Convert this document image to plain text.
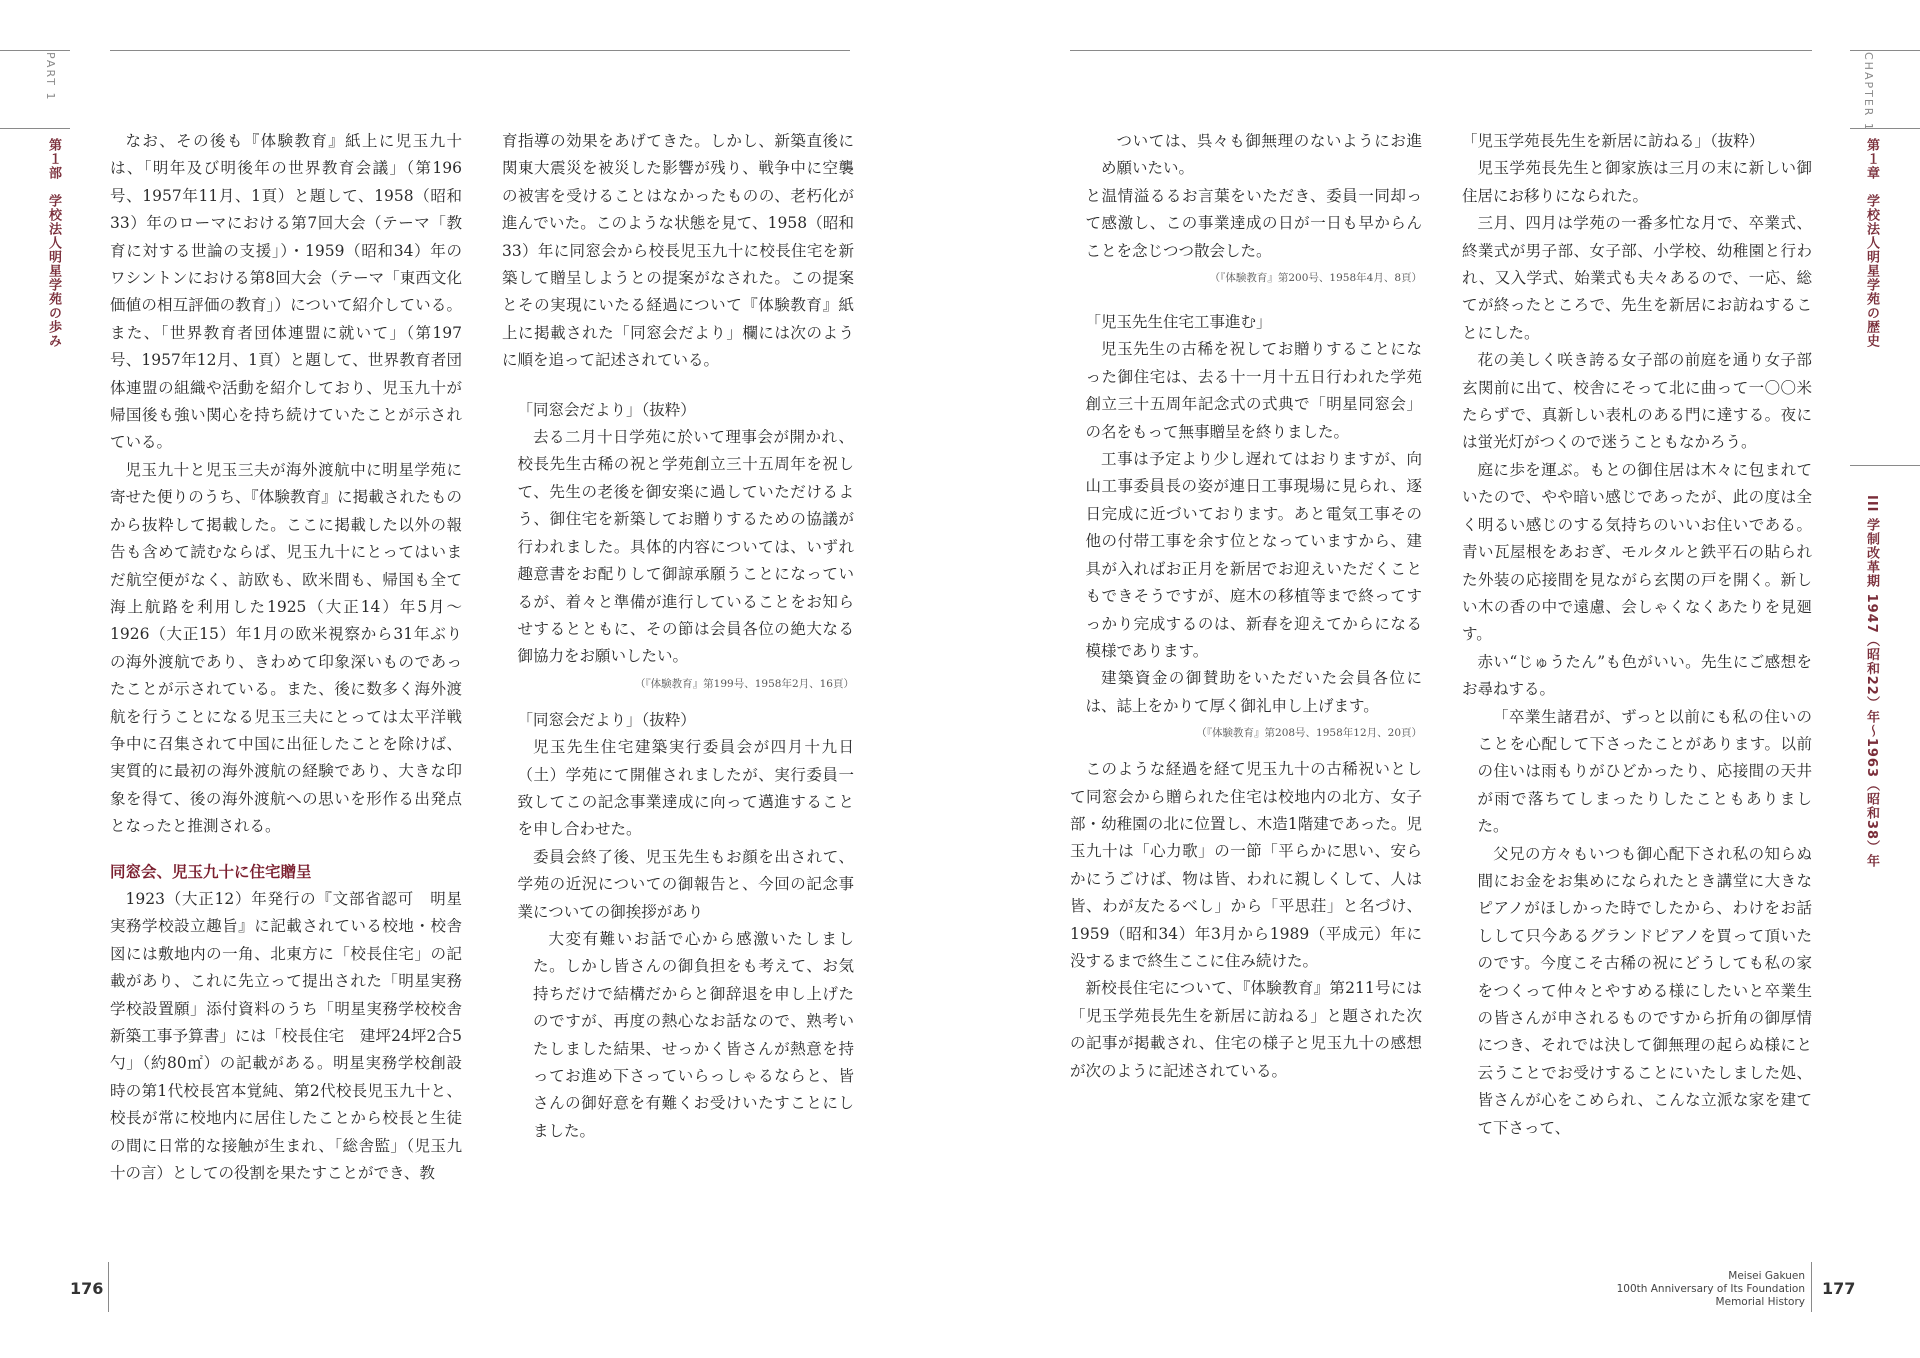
PART 1
第１部　学校法人明星学苑の歩み	なお、その後も『体験教育』紙上に児玉九十は、「明年及び明後年の世界教育会議」（第196号、1957年11月、1頁）と題して、1958（昭和33）年のローマにおける第7回大会（テーマ「教育に対する世論の支援」）・1959（昭和34）年のワシントンにおける第8回大会（テーマ「東西文化価値の相互評価の教育」）について紹介している。また、「世界教育者団体連盟に就いて」（第197号、1957年12月、1頁）と題して、世界教育者団体連盟の組織や活動を紹介しており、児玉九十が帰国後も強い関心を持ち続けていたことが示されている。

児玉九十と児玉三夫が海外渡航中に明星学苑に寄せた便りのうち、『体験教育』に掲載されたものから抜粋して掲載した。ここに掲載した以外の報告も含めて読むならば、児玉九十にとってはいまだ航空便がなく、訪欧も、欧米間も、帰国も全て海上航路を利用した1925（大正14）年5月～1926（大正15）年1月の欧米視察から31年ぶりの海外渡航であり、きわめて印象深いものであったことが示されている。また、後に数多く海外渡航を行うことになる児玉三夫にとっては太平洋戦争中に召集されて中国に出征したことを除けば、実質的に最初の海外渡航の経験であり、大きな印象を得て、後の海外渡航への思いを形作る出発点となったと推測される。

同窓会、児玉九十に住宅贈呈

1923（大正12）年発行の『文部省認可　明星実務学校設立趣旨』に記載されている校地・校舎図には敷地内の一角、北東方に「校長住宅」の記載があり、これに先立って提出された「明星実務学校設置願」添付資料のうち「明星実務学校校舎新築工事予算書」には「校長住宅　建坪24坪2合5勺」（約80㎡）の記載がある。明星実務学校創設時の第1代校長宮本覚純、第2代校長児玉九十と、校長が常に校地内に居住したことから校長と生徒の間に日常的な接触が生まれ、「総舎監」（児玉九十の言）としての役割を果たすことができ、教

育指導の効果をあげてきた。しかし、新築直後に関東大震災を被災した影響が残り、戦争中に空襲の被害を受けることはなかったものの、老朽化が進んでいた。このような状態を見て、1958（昭和33）年に同窓会から校長児玉九十に校長住宅を新築して贈呈しようとの提案がなされた。この提案とその実現にいたる経過について『体験教育』紙上に掲載された「同窓会だより」欄には次のように順を追って記述されている。

「同窓会だより」（抜粋）

去る二月十日学苑に於いて理事会が開かれ、校長先生古稀の祝と学苑創立三十五周年を祝して、先生の老後を御安楽に過していただけるよう、御住宅を新築してお贈りするための協議が行われました。具体的内容については、いずれ趣意書をお配りして御諒承願うことになっているが、着々と準備が進行していることをお知らせするとともに、その節は会員各位の絶大なる御協力をお願いしたい。

（『体験教育』第199号、1958年2月、16頁）

「同窓会だより」（抜粋）

児玉先生住宅建築実行委員会が四月十九日（土）学苑にて開催されましたが、実行委員一致してこの記念事業達成に向って邁進することを申し合わせた。

委員会終了後、児玉先生もお顔を出されて、学苑の近況についての御報告と、今回の記念事業についての御挨拶があり

大変有難いお話で心から感激いたしました。しかし皆さんの御負担をも考えて、お気持ちだけで結構だからと御辞退を申し上げたのですが、再度の熱心なお話なので、熟考いたしました結果、せっかく皆さんが熱意を持ってお進め下さっていらっしゃるならと、皆さんの御好意を有難くお受けいたすことにしました。

176
CHAPTER 1
第１章　学校法人明星学苑の歴史
III 学制改革期 1947（昭和22）年～1963（昭和38）年

ついては、呉々も御無理のないようにお進め願いたい。

と温情溢るるお言葉をいただき、委員一同却って感激し、この事業達成の日が一日も早からんことを念じつつ散会した。

（『体験教育』第200号、1958年4月、8頁）

「児玉先生住宅工事進む」

児玉先生の古稀を祝してお贈りすることになった御住宅は、去る十一月十五日行われた学苑創立三十五周年記念式の式典で「明星同窓会」の名をもって無事贈呈を終りました。

工事は予定より少し遅れてはおりますが、向山工事委員長の姿が連日工事現場に見られ、逐日完成に近づいております。あと電気工事その他の付帯工事を余す位となっていますから、建具が入ればお正月を新居でお迎えいただくこともできそうですが、庭木の移植等まで終ってすっかり完成するのは、新春を迎えてからになる模様であります。

建築資金の御賛助をいただいた会員各位には、誌上をかりて厚く御礼申し上げます。

（『体験教育』第208号、1958年12月、20頁）

このような経過を経て児玉九十の古稀祝いとして同窓会から贈られた住宅は校地内の北方、女子部・幼稚園の北に位置し、木造1階建であった。児玉九十は「心力歌」の一節「平らかに思い、安らかにうごけば、物は皆、われに親しくして、人は皆、わが友たるべし」から「平思荘」と名づけ、1959（昭和34）年3月から1989（平成元）年に没するまで終生ここに住み続けた。

新校長住宅について、『体験教育』第211号には「児玉学苑長先生を新居に訪ねる」と題された次の記事が掲載され、住宅の様子と児玉九十の感想が次のように記述されている。

「児玉学苑長先生を新居に訪ねる」（抜粋）

児玉学苑長先生と御家族は三月の末に新しい御住居にお移りになられた。

三月、四月は学苑の一番多忙な月で、卒業式、終業式が男子部、女子部、小学校、幼稚園と行われ、又入学式、始業式も夫々あるので、一応、総てが終ったところで、先生を新居にお訪ねすることにした。

花の美しく咲き誇る女子部の前庭を通り女子部玄関前に出て、校舎にそって北に曲って一〇〇米たらずで、真新しい表札のある門に達する。夜には蛍光灯がつくので迷うこともなかろう。

庭に歩を運ぶ。もとの御住居は木々に包まれていたので、やや暗い感じであったが、此の度は全く明るい感じのする気持ちのいいお住いである。青い瓦屋根をあおぎ、モルタルと鉄平石の貼られた外装の応接間を見ながら玄関の戸を開く。新しい木の香の中で遠慮、会しゃくなくあたりを見廻す。

赤い“じゅうたん”も色がいい。先生にご感想をお尋ねする。

「卒業生諸君が、ずっと以前にも私の住いのことを心配して下さったことがあります。以前の住いは雨もりがひどかったり、応接間の天井が雨で落ちてしまったりしたこともありました。

父兄の方々もいつも御心配下され私の知らぬ間にお金をお集めになられたとき講堂に大きなピアノがほしかった時でしたから、わけをお話しして只今あるグランドピアノを買って頂いたのです。今度こそ古稀の祝にどうしても私の家をつくって仲々とやすめる様にしたいと卒業生の皆さんが申されるものですから折角の御厚情につき、それでは決して御無理の起らぬ様にと云うことでお受けすることにいたしました処、皆さんが心をこめられ、こんな立派な家を建てて下さって、

Meisei Gakuen
100th Anniversary of Its Foundation
Memorial History
177
